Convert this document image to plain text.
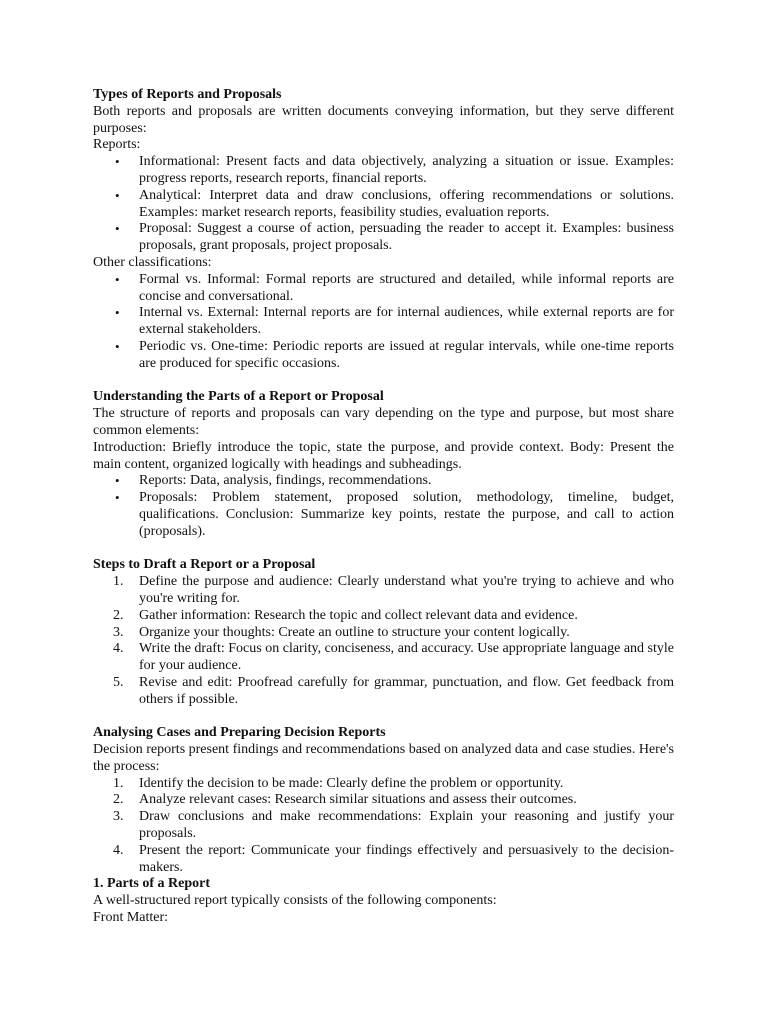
Types of Reports and Proposals

Both reports and proposals are written documents conveying information, but they serve different purposes:

Reports:

•	Informational: Present facts and data objectively, analyzing a situation or issue. Examples: progress reports, research reports, financial reports.
•	Analytical: Interpret data and draw conclusions, offering recommendations or solutions. Examples: market research reports, feasibility studies, evaluation reports.
•	Proposal: Suggest a course of action, persuading the reader to accept it. Examples: business proposals, grant proposals, project proposals.

Other classifications:

•	Formal vs. Informal: Formal reports are structured and detailed, while informal reports are concise and conversational.
•	Internal vs. External: Internal reports are for internal audiences, while external reports are for external stakeholders.
•	Periodic vs. One-time: Periodic reports are issued at regular intervals, while one-time reports are produced for specific occasions.
Understanding the Parts of a Report or Proposal

The structure of reports and proposals can vary depending on the type and purpose, but most share common elements:

Introduction: Briefly introduce the topic, state the purpose, and provide context. Body: Present the main content, organized logically with headings and subheadings.

•	Reports: Data, analysis, findings, recommendations.
•	Proposals: Problem statement, proposed solution, methodology, timeline, budget, qualifications. Conclusion: Summarize key points, restate the purpose, and call to action (proposals).
Steps to Draft a Report or a Proposal
1.	Define the purpose and audience: Clearly understand what you're trying to achieve and who you're writing for.
2.	Gather information: Research the topic and collect relevant data and evidence.
3.	Organize your thoughts: Create an outline to structure your content logically.
4.	Write the draft: Focus on clarity, conciseness, and accuracy. Use appropriate language and style for your audience.
5.	Revise and edit: Proofread carefully for grammar, punctuation, and flow. Get feedback from others if possible.
Analysing Cases and Preparing Decision Reports

Decision reports present findings and recommendations based on analyzed data and case studies. Here's the process:

1.	Identify the decision to be made: Clearly define the problem or opportunity.
2.	Analyze relevant cases: Research similar situations and assess their outcomes.
3.	Draw conclusions and make recommendations: Explain your reasoning and justify your proposals.
4.	Present the report: Communicate your findings effectively and persuasively to the decision-makers.
1. Parts of a Report

A well-structured report typically consists of the following components:

Front Matter:
